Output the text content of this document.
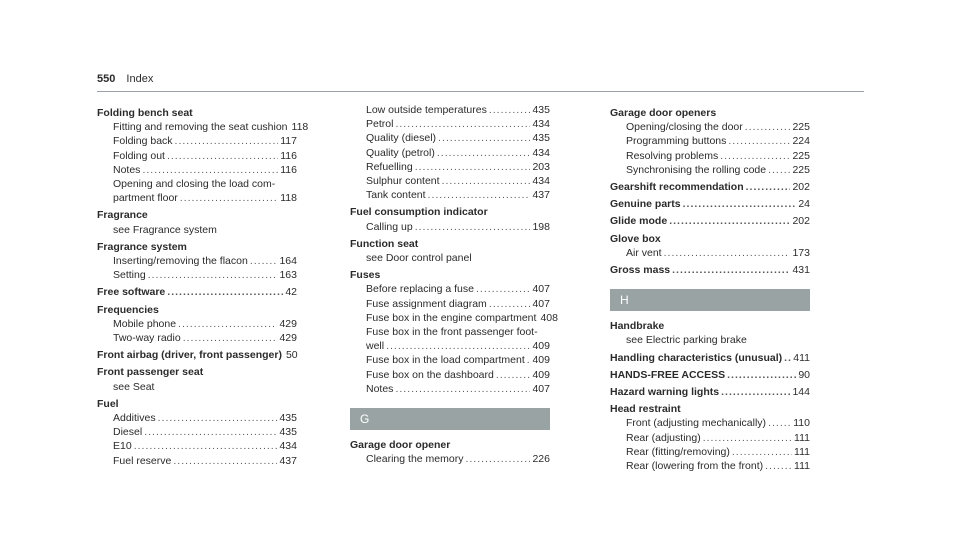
550 Index
Folding bench seat
Fitting and removing the seat cushion 118
Folding back .....	117
Folding out .....	116
Notes .....	116
Opening and closing the load com-
partment floor .....	118
Fragrance
see Fragrance system
Fragrance system
Inserting/removing the flacon .....	164
Setting .....	163
Free software .....	42
Frequencies
Mobile phone .....	429
Two-way radio .....	429
Front airbag (driver, front passenger) 50
Front passenger seat
see Seat
Fuel
Additives .....	435
Diesel .....	435
E10 .....	434
Fuel reserve .....	437
Low outside temperatures .....	435
Petrol .....	434
Quality (diesel) .....	435
Quality (petrol) .....	434
Refuelling .....	203
Sulphur content .....	434
Tank content .....	437
Fuel consumption indicator
Calling up .....	198
Function seat
see Door control panel
Fuses
Before replacing a fuse .....	407
Fuse assignment diagram .....	407
Fuse box in the engine compartment 408
Fuse box in the front passenger foot-
well .....	409
Fuse box in the load compartment ..... 409
Fuse box on the dashboard .....	409
Notes .....	407
G
Garage door opener
Clearing the memory .....	226
Garage door openers
Opening/closing the door .....	225
Programming buttons .....	224
Resolving problems .....	225
Synchronising the rolling code .....	225
Gearshift recommendation .....	202
Genuine parts .....	24
Glide mode .....	202
Glove box
Air vent .....	173
Gross mass .....	431
H
Handbrake
see Electric parking brake
Handling characteristics (unusual) ..... 411
HANDS-FREE ACCESS .....	90
Hazard warning lights .....	144
Head restraint
Front (adjusting mechanically) .....	110
Rear (adjusting) .....	111
Rear (fitting/removing) .....	111
Rear (lowering from the front) .....	111
